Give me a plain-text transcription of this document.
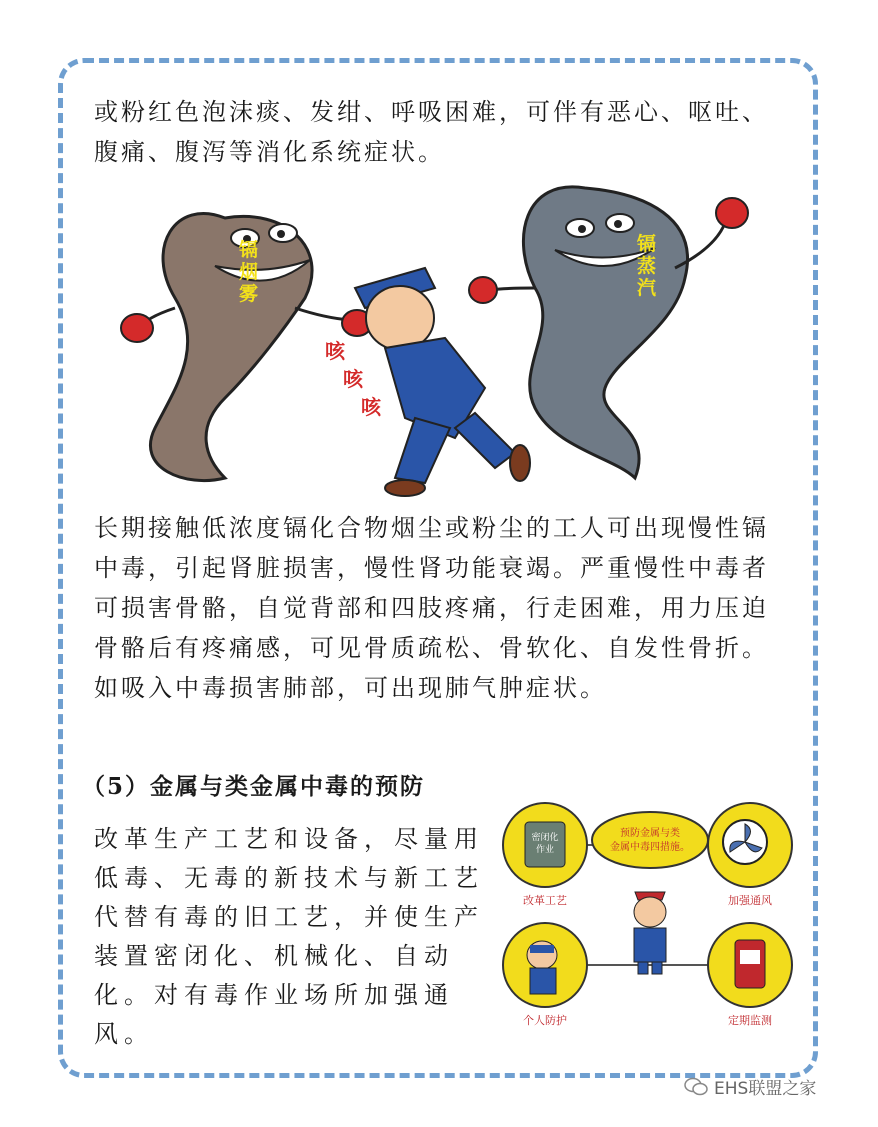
或粉红色泡沫痰、发绀、呼吸困难，可伴有恶心、呕吐、腹痛、腹泻等消化系统症状。

镉
烟
雾
镉
蒸
汽
咳
咳
咳

长期接触低浓度镉化合物烟尘或粉尘的工人可出现慢性镉中毒，引起肾脏损害，慢性肾功能衰竭。严重慢性中毒者可损害骨骼，自觉背部和四肢疼痛，行走困难，用力压迫骨骼后有疼痛感，可见骨质疏松、骨软化、自发性骨折。如吸入中毒损害肺部，可出现肺气肿症状。

（5）金属与类金属中毒的预防

改革生产工艺和设备，尽量用低毒、无毒的新技术与新工艺代替有毒的旧工艺，并使生产装置密闭化、机械化、自动化。对有毒作业场所加强通风。

密闭化
作业
改革工艺	加强通风
预防金属与类
金属中毒四措施。
个人防护	定期监测
EHS联盟之家
